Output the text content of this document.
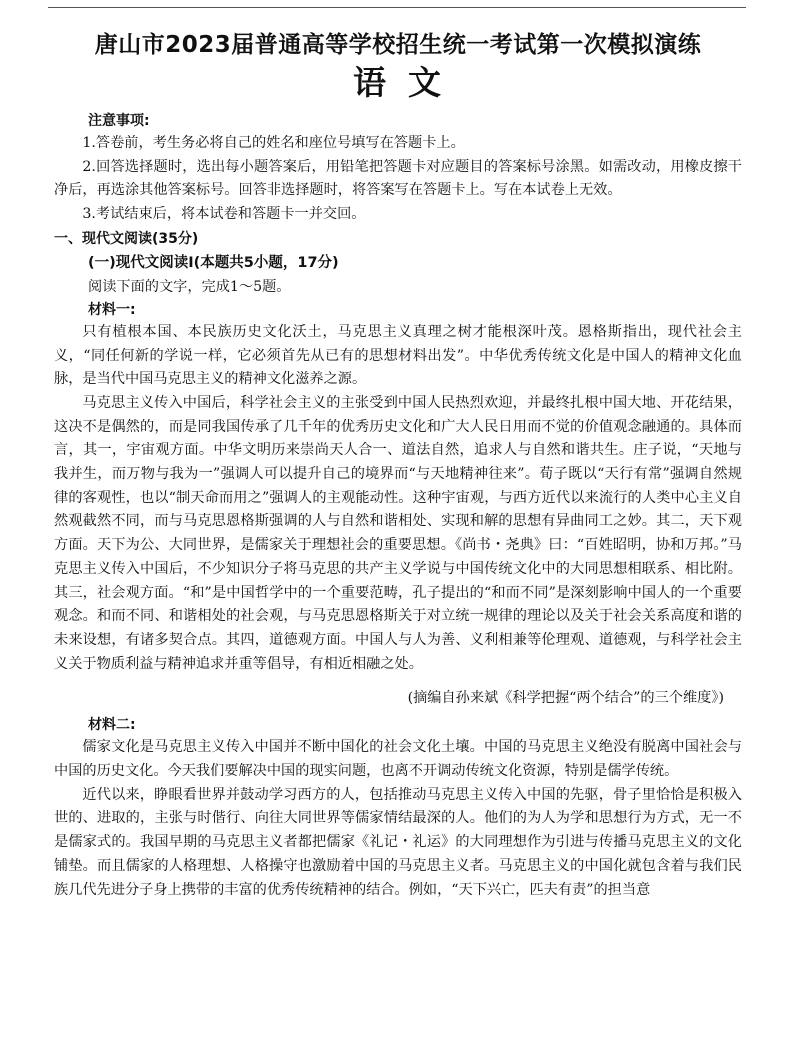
唐山市2023届普通高等学校招生统一考试第一次模拟演练
语文
注意事项:

1.答卷前，考生务必将自己的姓名和座位号填写在答题卡上。

2.回答选择题时，选出每小题答案后，用铅笔把答题卡对应题目的答案标号涂黑。如需改动，用橡皮擦干净后，再选涂其他答案标号。回答非选择题时，将答案写在答题卡上。写在本试卷上无效。

3.考试结束后，将本试卷和答题卡一并交回。

一、现代文阅读(35分)
(一)现代文阅读Ⅰ(本题共5小题，17分)
阅读下面的文字，完成1～5题。
材料一:

只有植根本国、本民族历史文化沃土，马克思主义真理之树才能根深叶茂。恩格斯指出，现代社会主义，“同任何新的学说一样，它必须首先从已有的思想材料出发”。中华优秀传统文化是中国人的精神文化血脉，是当代中国马克思主义的精神文化滋养之源。

马克思主义传入中国后，科学社会主义的主张受到中国人民热烈欢迎，并最终扎根中国大地、开花结果，这决不是偶然的，而是同我国传承了几千年的优秀历史文化和广大人民日用而不觉的价值观念融通的。具体而言，其一，宇宙观方面。中华文明历来崇尚天人合一、道法自然，追求人与自然和谐共生。庄子说，“天地与我并生，而万物与我为一”强调人可以提升自己的境界而“与天地精神往来”。荀子既以“天行有常”强调自然规律的客观性，也以“制天命而用之”强调人的主观能动性。这种宇宙观，与西方近代以来流行的人类中心主义自然观截然不同，而与马克思恩格斯强调的人与自然和谐相处、实现和解的思想有异曲同工之妙。其二，天下观方面。天下为公、大同世界，是儒家关于理想社会的重要思想。《尚书・尧典》曰：“百姓昭明，协和万邦。”马克思主义传入中国后，不少知识分子将马克思的共产主义学说与中国传统文化中的大同思想相联系、相比附。其三，社会观方面。“和”是中国哲学中的一个重要范畴，孔子提出的“和而不同”是深刻影响中国人的一个重要观念。和而不同、和谐相处的社会观，与马克思恩格斯关于对立统一规律的理论以及关于社会关系高度和谐的未来设想，有诸多契合点。其四，道德观方面。中国人与人为善、义利相兼等伦理观、道德观，与科学社会主义关于物质利益与精神追求并重等倡导，有相近相融之处。

(摘编自孙来斌《科学把握“两个结合”的三个维度》)
材料二:

儒家文化是马克思主义传入中国并不断中国化的社会文化土壤。中国的马克思主义绝没有脱离中国社会与中国的历史文化。今天我们要解决中国的现实问题，也离不开调动传统文化资源，特别是儒学传统。

近代以来，睁眼看世界并鼓动学习西方的人，包括推动马克思主义传入中国的先驱，骨子里恰恰是积极入世的、进取的，主张与时偕行、向往大同世界等儒家情结最深的人。他们的为人为学和思想行为方式，无一不是儒家式的。我国早期的马克思主义者都把儒家《礼记・礼运》的大同理想作为引进与传播马克思主义的文化铺垫。而且儒家的人格理想、人格操守也激励着中国的马克思主义者。马克思主义的中国化就包含着与我们民族几代先进分子身上携带的丰富的优秀传统精神的结合。例如，“天下兴亡，匹夫有责”的担当意
